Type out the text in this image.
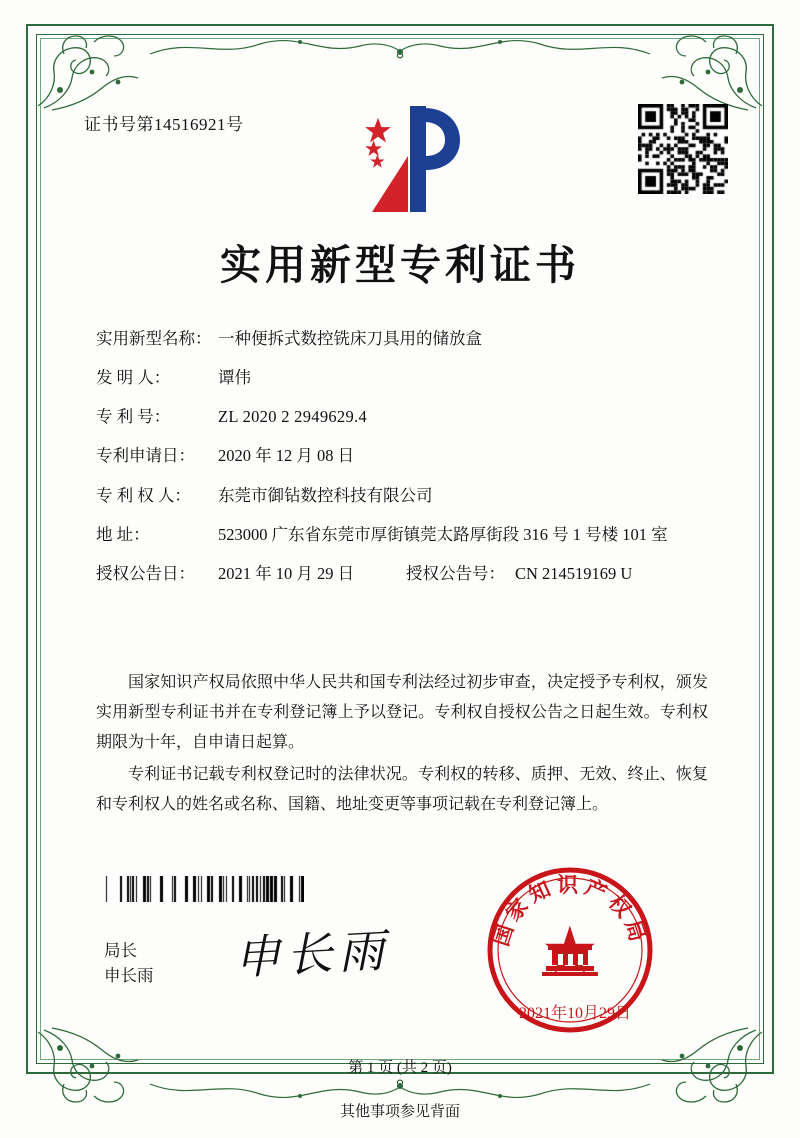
证书号第14516921号
实用新型专利证书
实用新型名称： 一种便拆式数控铣床刀具用的储放盒
发 明 人：	谭伟
专 利 号：	ZL 2020 2 2949629.4
专利申请日：	2020 年 12 月 08 日
专 利 权 人：	东莞市御钻数控科技有限公司
地 址：	523000 广东省东莞市厚街镇莞太路厚街段 316 号 1 号楼 101 室
授权公告日：	2021 年 10 月 29 日	授权公告号： CN 214519169 U

国家知识产权局依照中华人民共和国专利法经过初步审查，决定授予专利权，颁发实用新型专利证书并在专利登记簿上予以登记。专利权自授权公告之日起生效。专利权期限为十年，自申请日起算。

专利证书记载专利权登记时的法律状况。专利权的转移、质押、无效、终止、恢复和专利权人的姓名或名称、国籍、地址变更等事项记载在专利登记簿上。

局长
申长雨 申长雨	国家知识产权局
2021年10月29日
第 1 页 (共 2 页)
其他事项参见背面
